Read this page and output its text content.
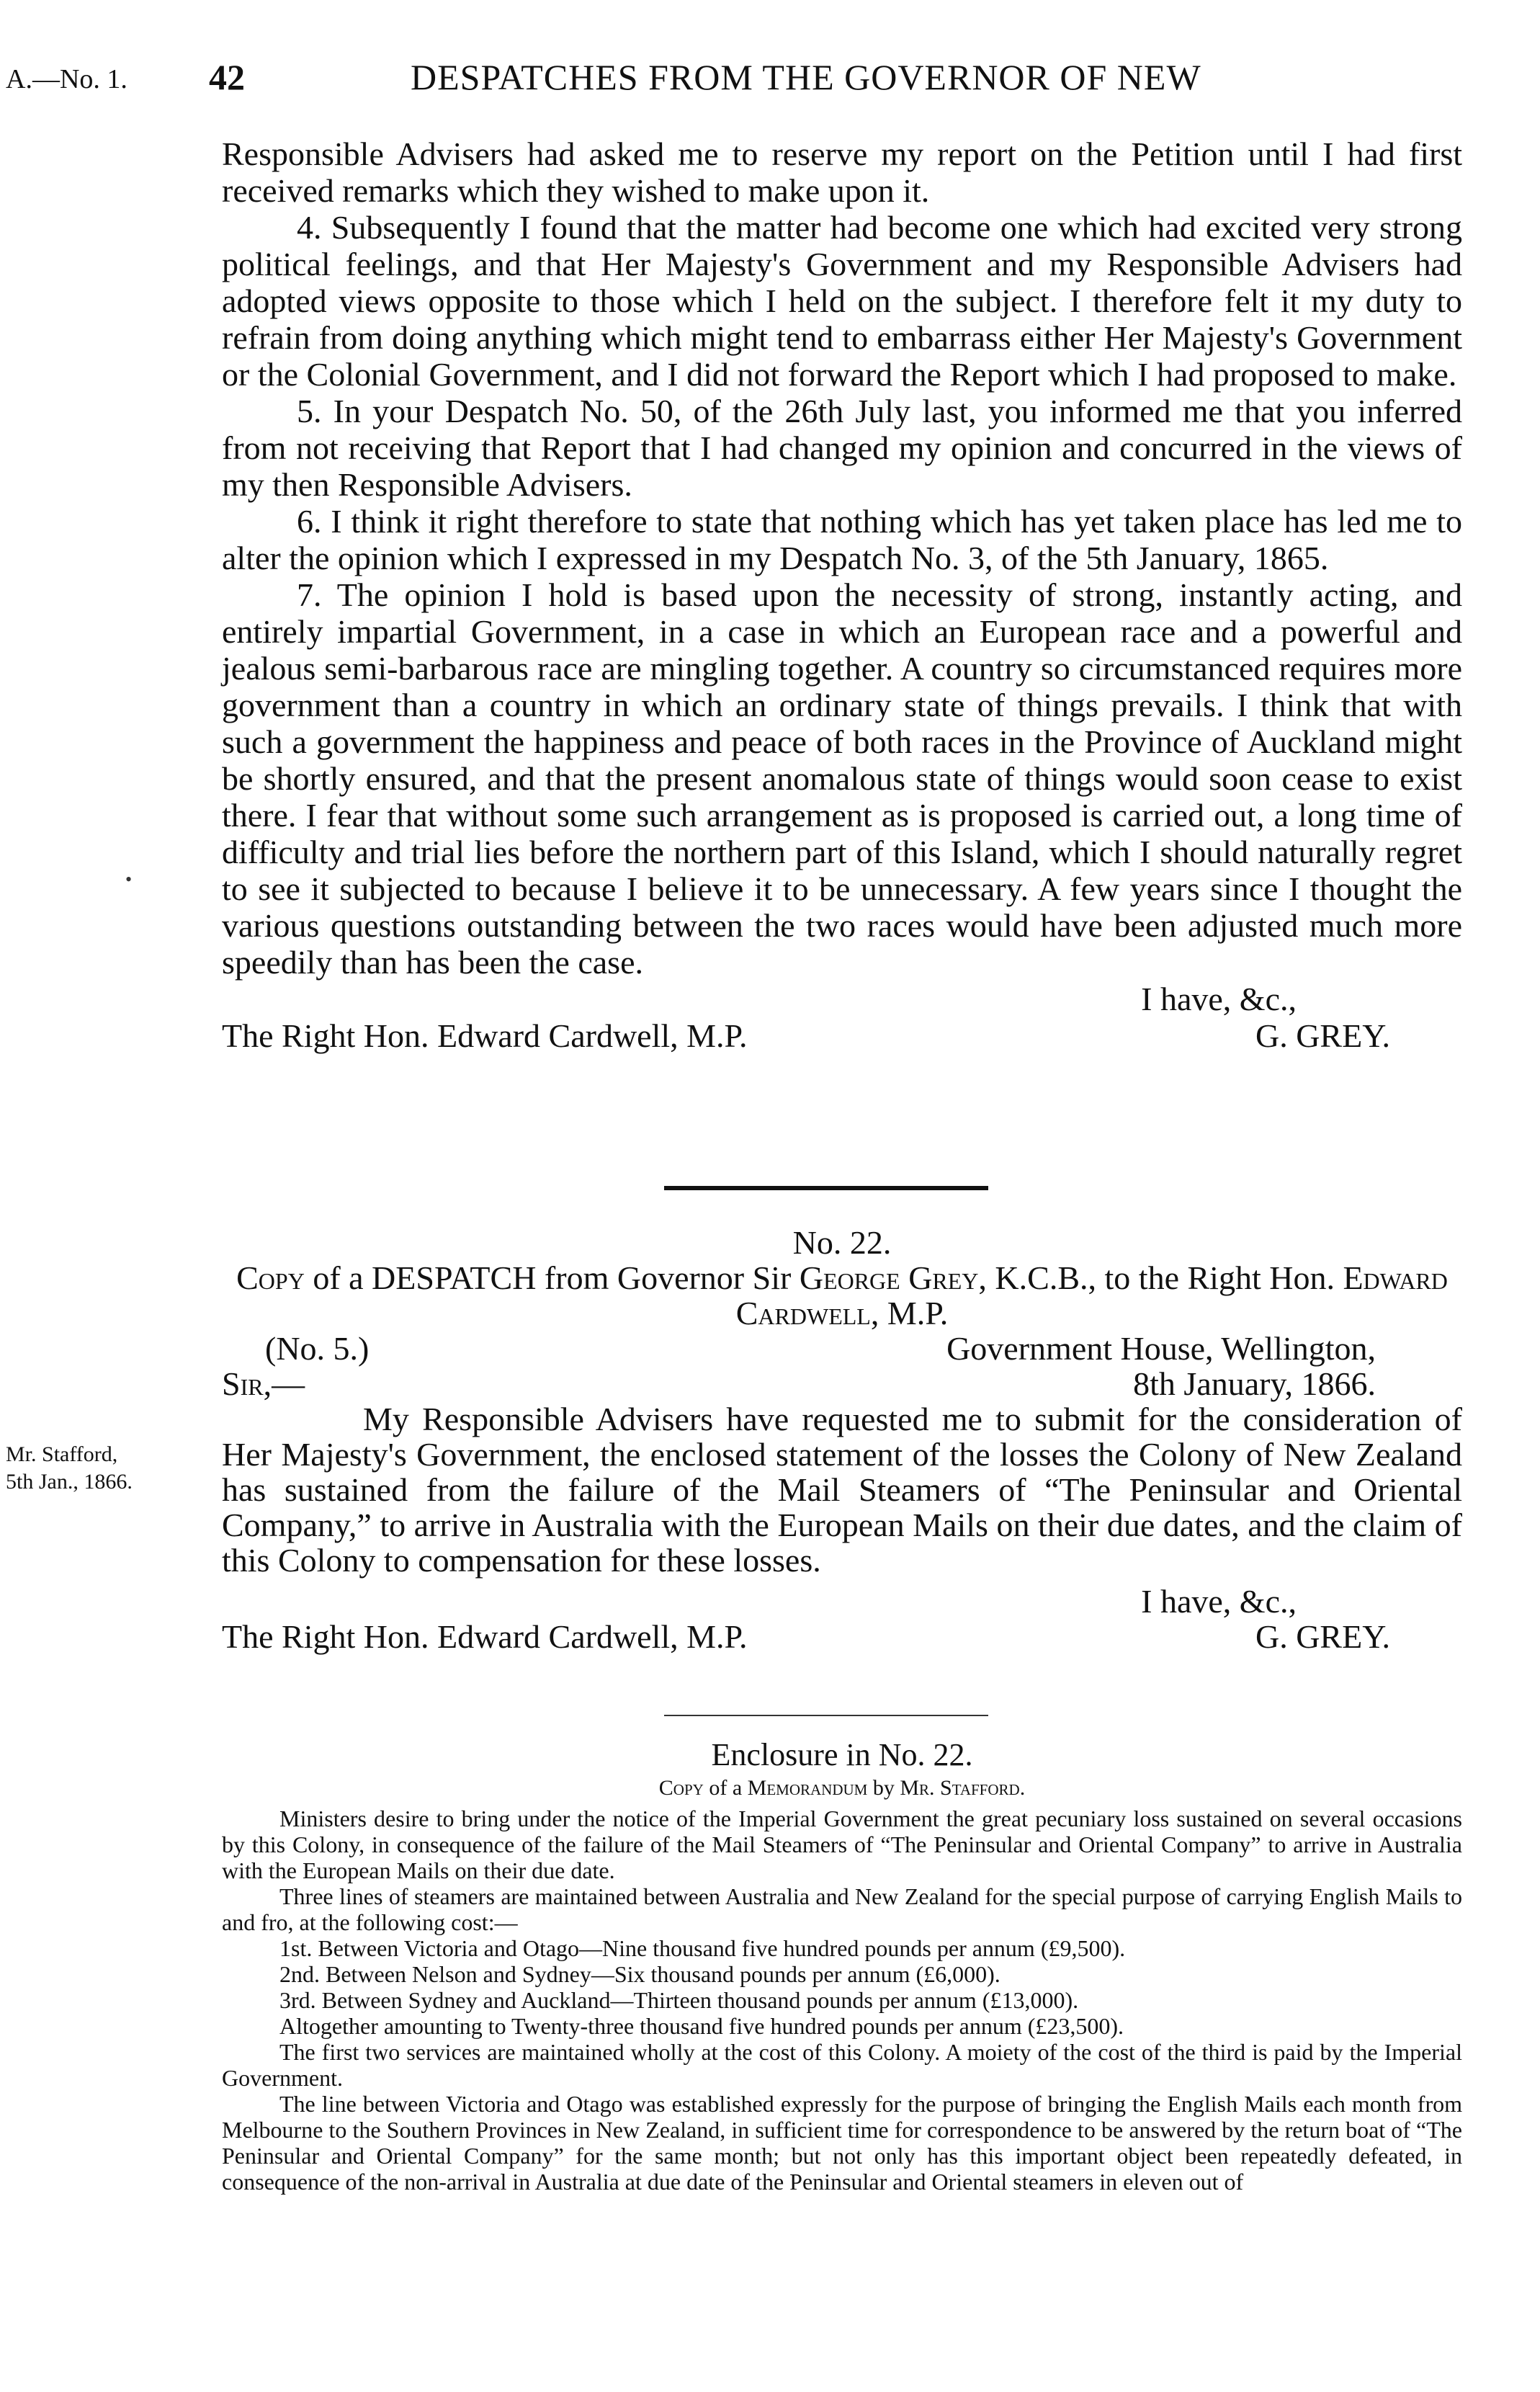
A.—No. 1. 42	DESPATCHES FROM THE GOVERNOR OF NEW
•

Responsible Advisers had asked me to reserve my report on the Petition until I had first received remarks which they wished to make upon it.

4. Subsequently I found that the matter had become one which had excited very strong political feelings, and that Her Majesty's Government and my Responsible Advisers had adopted views opposite to those which I held on the subject. I therefore felt it my duty to refrain from doing anything which might tend to embarrass either Her Majesty's Government or the Colonial Government, and I did not forward the Report which I had proposed to make.

5. In your Despatch No. 50, of the 26th July last, you informed me that you inferred from not receiving that Report that I had changed my opinion and concurred in the views of my then Responsible Advisers.

6. I think it right therefore to state that nothing which has yet taken place has led me to alter the opinion which I expressed in my Despatch No. 3, of the 5th January, 1865.

7. The opinion I hold is based upon the necessity of strong, instantly acting, and entirely impartial Government, in a case in which an European race and a powerful and jealous semi-barbarous race are mingling together. A country so circumstanced requires more government than a country in which an ordinary state of things prevails. I think that with such a government the happiness and peace of both races in the Province of Auckland might be shortly ensured, and that the present anomalous state of things would soon cease to exist there. I fear that without some such arrangement as is proposed is carried out, a long time of difficulty and trial lies before the northern part of this Island, which I should naturally regret to see it subjected to because I believe it to be unnecessary. A few years since I thought the various questions outstanding between the two races would have been adjusted much more speedily than has been the case.

I have, &c.,
The Right Hon. Edward Cardwell, M.P.	G. GREY.
No. 22.

Copy of a DESPATCH from Governor Sir George Grey, K.C.B., to the Right Hon. Edward Cardwell, M.P.

(No. 5.)	Government House, Wellington,
Sir,—	8th January, 1866.

My Responsible Advisers have requested me to submit for the consideration of Her Majesty's Government, the enclosed statement of the losses the Colony of New Zealand has sustained from the failure of the Mail Steamers of “The Peninsular and Oriental Company,” to arrive in Australia with the European Mails on their due dates, and the claim of this Colony to compensation for these losses.

I have, &c.,
The Right Hon. Edward Cardwell, M.P.	G. GREY.
Mr. Stafford,
5th Jan., 1866.
Enclosure in No. 22.
Copy of a Memorandum by Mr. Stafford.

Ministers desire to bring under the notice of the Imperial Government the great pecuniary loss sustained on several occasions by this Colony, in consequence of the failure of the Mail Steamers of “The Peninsular and Oriental Company” to arrive in Australia with the European Mails on their due date.

Three lines of steamers are maintained between Australia and New Zealand for the special purpose of carrying English Mails to and fro, at the following cost:—

1st. Between Victoria and Otago—Nine thousand five hundred pounds per annum (£9,500).
2nd. Between Nelson and Sydney—Six thousand pounds per annum (£6,000).
3rd. Between Sydney and Auckland—Thirteen thousand pounds per annum (£13,000).
Altogether amounting to Twenty-three thousand five hundred pounds per annum (£23,500).

The first two services are maintained wholly at the cost of this Colony. A moiety of the cost of the third is paid by the Imperial Government.

The line between Victoria and Otago was established expressly for the purpose of bringing the English Mails each month from Melbourne to the Southern Provinces in New Zealand, in sufficient time for correspondence to be answered by the return boat of “The Peninsular and Oriental Company” for the same month; but not only has this important object been repeatedly defeated, in consequence of the non-arrival in Australia at due date of the Peninsular and Oriental steamers in eleven out of
